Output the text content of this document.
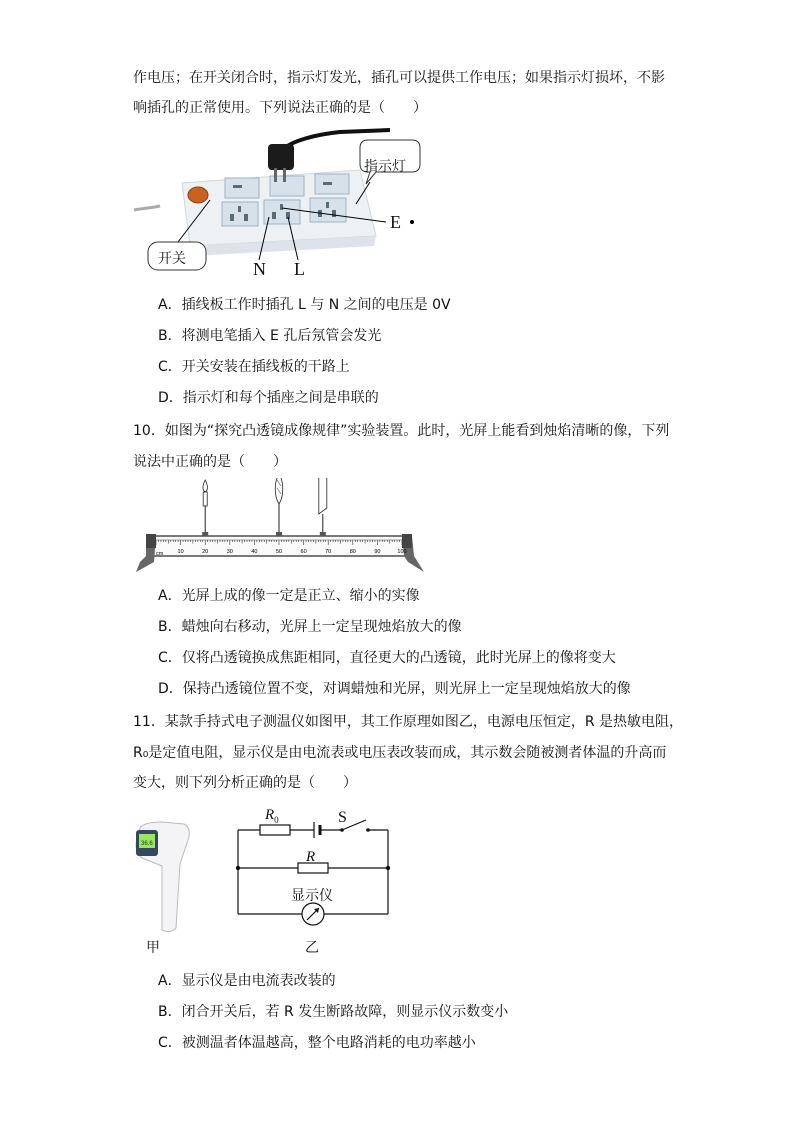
作电压；在开关闭合时，指示灯发光，插孔可以提供工作电压；如果指示灯损坏，不影
响插孔的正常使用。下列说法正确的是（　　）
开关
指示灯
E
N L
A．插线板工作时插孔 L 与 N 之间的电压是 0V
B．将测电笔插入 E 孔后氖管会发光
C．开关安装在插线板的干路上
D．指示灯和每个插座之间是串联的
10．如图为“探究凸透镜成像规律”实验装置。此时，光屏上能看到烛焰清晰的像，下列
说法中正确的是（　　）
10	20	30	40	50	60	70	80	90	100
cm
A．光屏上成的像一定是正立、缩小的实像
B．蜡烛向右移动，光屏上一定呈现烛焰放大的像
C．仅将凸透镜换成焦距相同，直径更大的凸透镜，此时光屏上的像将变大
D．保持凸透镜位置不变，对调蜡烛和光屏，则光屏上一定呈现烛焰放大的像
11．某款手持式电子测温仪如图甲，其工作原理如图乙，电源电压恒定，R 是热敏电阻，
R₀是定值电阻，显示仪是由电流表或电压表改装而成，其示数会随被测者体温的升高而
变大，则下列分析正确的是（　　）
36.6
甲
$R_0$	S
R
显示仪
乙
A．显示仪是由电流表改装的
B．闭合开关后，若 R 发生断路故障，则显示仪示数变小
C．被测温者体温越高，整个电路消耗的电功率越小
